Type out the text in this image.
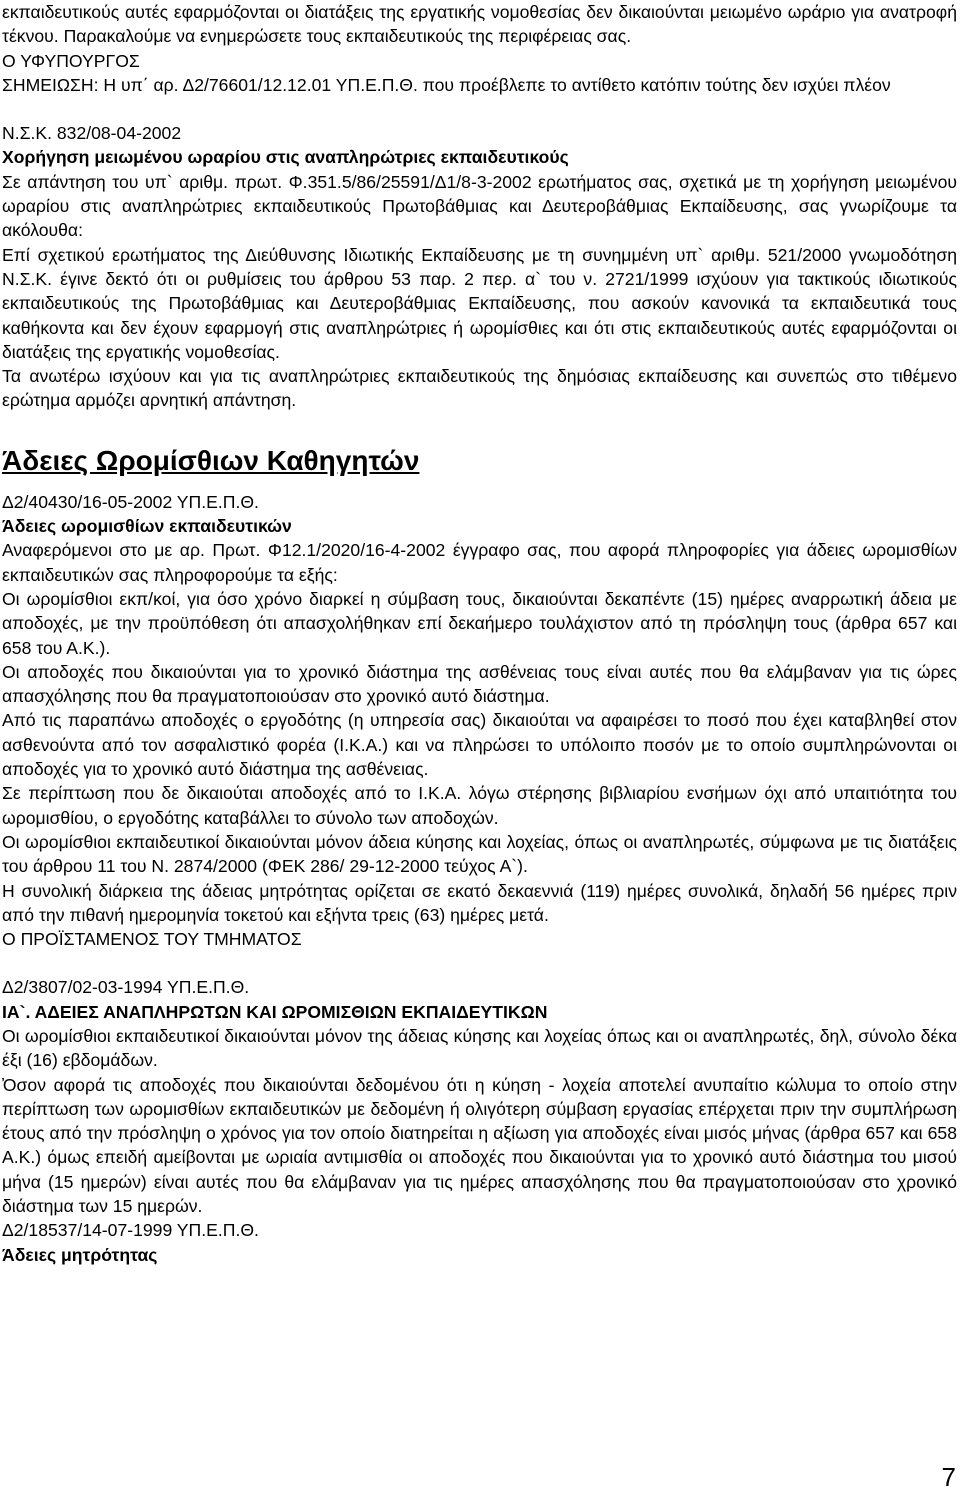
εκπαιδευτικούς αυτές εφαρμόζονται οι διατάξεις της εργατικής νομοθεσίας δεν δικαιούνται μειωμένο ωράριο για ανατροφή τέκνου. Παρακαλούμε να ενημερώσετε τους εκπαιδευτικούς της περιφέρειας σας.

Ο ΥΦΥΠΟΥΡΓΟΣ

ΣΗΜΕΙΩΣΗ: Η υπ΄ αρ. Δ2/76601/12.12.01 ΥΠ.Ε.Π.Θ. που προέβλεπε το αντίθετο κατόπιν τούτης δεν ισχύει πλέον

Ν.Σ.Κ. 832/08-04-2002

Χορήγηση μειωμένου ωραρίου στις αναπληρώτριες εκπαιδευτικούς

Σε απάντηση του υπ` αριθμ. πρωτ. Φ.351.5/86/25591/Δ1/8-3-2002 ερωτήματος σας, σχετικά με τη χορήγηση μειωμένου ωραρίου στις αναπληρώτριες εκπαιδευτικούς Πρωτοβάθμιας και Δευτεροβάθμιας Εκπαίδευσης, σας γνωρίζουμε τα ακόλουθα:

Επί σχετικού ερωτήματος της Διεύθυνσης Ιδιωτικής Εκπαίδευσης με τη συνημμένη υπ` αριθμ. 521/2000 γνωμοδότηση Ν.Σ.Κ. έγινε δεκτό ότι οι ρυθμίσεις του άρθρου 53 παρ. 2 περ. α` του ν. 2721/1999 ισχύουν για τακτικούς ιδιωτικούς εκπαιδευτικούς της Πρωτοβάθμιας και Δευτεροβάθμιας Εκπαίδευσης, που ασκούν κανονικά τα εκπαιδευτικά τους καθήκοντα και δεν έχουν εφαρμογή στις αναπληρώτριες ή ωρομίσθιες και ότι στις εκπαιδευτικούς αυτές εφαρμόζονται οι διατάξεις της εργατικής νομοθεσίας.

Τα ανωτέρω ισχύουν και για τις αναπληρώτριες εκπαιδευτικούς της δημόσιας εκπαίδευσης και συνεπώς στο τιθέμενο ερώτημα αρμόζει αρνητική απάντηση.

Άδειες Ωρομίσθιων Καθηγητών

Δ2/40430/16-05-2002 ΥΠ.Ε.Π.Θ.

Άδειες ωρομισθίων εκπαιδευτικών

Αναφερόμενοι στο με αρ. Πρωτ. Φ12.1/2020/16-4-2002 έγγραφο σας, που αφορά πληροφορίες για άδειες ωρομισθίων εκπαιδευτικών σας πληροφορούμε τα εξής:

Οι ωρομίσθιοι εκπ/κοί, για όσο χρόνο διαρκεί η σύμβαση τους, δικαιούνται δεκαπέντε (15) ημέρες αναρρωτική άδεια με αποδοχές, με την προϋπόθεση ότι απασχολήθηκαν επί δεκαήμερο τουλάχιστον από τη πρόσληψη τους (άρθρα 657 και 658 του Α.Κ.).

Οι αποδοχές που δικαιούνται για το χρονικό διάστημα της ασθένειας τους είναι αυτές που θα ελάμβαναν για τις ώρες απασχόλησης που θα πραγματοποιούσαν στο χρονικό αυτό διάστημα.

Από τις παραπάνω αποδοχές ο εργοδότης (η υπηρεσία σας) δικαιούται να αφαιρέσει το ποσό που έχει καταβληθεί στον ασθενούντα από τον ασφαλιστικό φορέα (Ι.Κ.Α.) και να πληρώσει το υπόλοιπο ποσόν με το οποίο συμπληρώνονται οι αποδοχές για το χρονικό αυτό διάστημα της ασθένειας.

Σε περίπτωση που δε δικαιούται αποδοχές από το Ι.Κ.Α. λόγω στέρησης βιβλιαρίου ενσήμων όχι από υπαιτιότητα του ωρομισθίου, ο εργοδότης καταβάλλει το σύνολο των αποδοχών.

Οι ωρομίσθιοι εκπαιδευτικοί δικαιούνται μόνον άδεια κύησης και λοχείας, όπως οι αναπληρωτές, σύμφωνα με τις διατάξεις του άρθρου 11 του Ν. 2874/2000 (ΦΕΚ 286/ 29-12-2000 τεύχος Α`).

Η συνολική διάρκεια της άδειας μητρότητας ορίζεται σε εκατό δεκαεννιά (119) ημέρες συνολικά, δηλαδή 56 ημέρες πριν από την πιθανή ημερομηνία τοκετού και εξήντα τρεις (63) ημέρες μετά.

Ο ΠΡΟΪΣΤΑΜΕΝΟΣ ΤΟΥ ΤΜΗΜΑΤΟΣ

Δ2/3807/02-03-1994 ΥΠ.Ε.Π.Θ.

ΙΑ`. ΑΔΕΙΕΣ ΑΝΑΠΛΗΡΩΤΩΝ ΚΑΙ ΩΡΟΜΙΣΘΙΩΝ ΕΚΠΑΙΔΕΥΤΙΚΩΝ

Οι ωρομίσθιοι εκπαιδευτικοί δικαιούνται μόνον της άδειας κύησης και λοχείας όπως και οι αναπληρωτές, δηλ, σύνολο δέκα έξι (16) εβδομάδων.

Ὀσον αφορά τις αποδοχές που δικαιούνται δεδομένου ότι η κύηση - λοχεία αποτελεί ανυπαίτιο κώλυμα το οποίο στην περίπτωση των ωρομισθίων εκπαιδευτικών με δεδομένη ή ολιγότερη σύμβαση εργασίας επέρχεται πριν την συμπλήρωση έτους από την πρόσληψη ο χρόνος για τον οποίο διατηρείται η αξίωση για αποδοχές είναι μισός μήνας (άρθρα 657 και 658 Α.Κ.) όμως επειδή αμείβονται με ωριαία αντιμισθία οι αποδοχές που δικαιούνται για το χρονικό αυτό διάστημα του μισού μήνα (15 ημερών) είναι αυτές που θα ελάμβαναν για τις ημέρες απασχόλησης που θα πραγματοποιούσαν στο χρονικό διάστημα των 15 ημερών.

Δ2/18537/14-07-1999 ΥΠ.Ε.Π.Θ.

Άδειες μητρότητας

7
